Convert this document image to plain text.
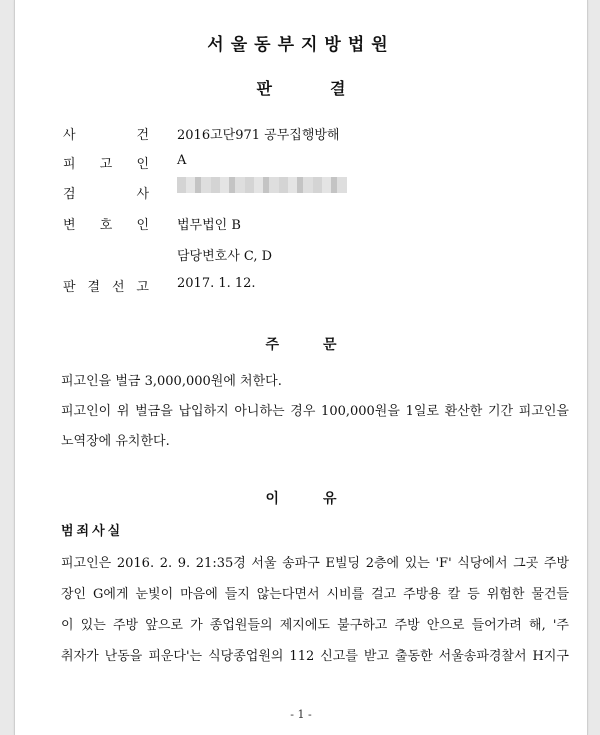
서울동부지방법원
판결
사	건 2016고단971 공무집행방해
피 고 인 A
검	사
변 호 인 법무법인 B
담당변호사 C, D
판 결 선 고 2017. 1. 12.
주문
피고인을 벌금 3,000,000원에 처한다.
피고인이 위 벌금을 납입하지 아니하는 경우 100,000원을 1일로 환산한 기간 피고인을
노역장에 유치한다.
이유
범죄사실
피고인은 2016. 2. 9. 21:35경 서울 송파구 E빌딩 2층에 있는 'F' 식당에서 그곳 주방
장인 G에게 눈빛이 마음에 들지 않는다면서 시비를 걸고 주방용 칼 등 위험한 물건들
이 있는 주방 앞으로 가 종업원들의 제지에도 불구하고 주방 안으로 들어가려 해, '주
취자가 난동을 피운다'는 식당종업원의 112 신고를 받고 출동한 서울송파경찰서 H지구
- 1 -
